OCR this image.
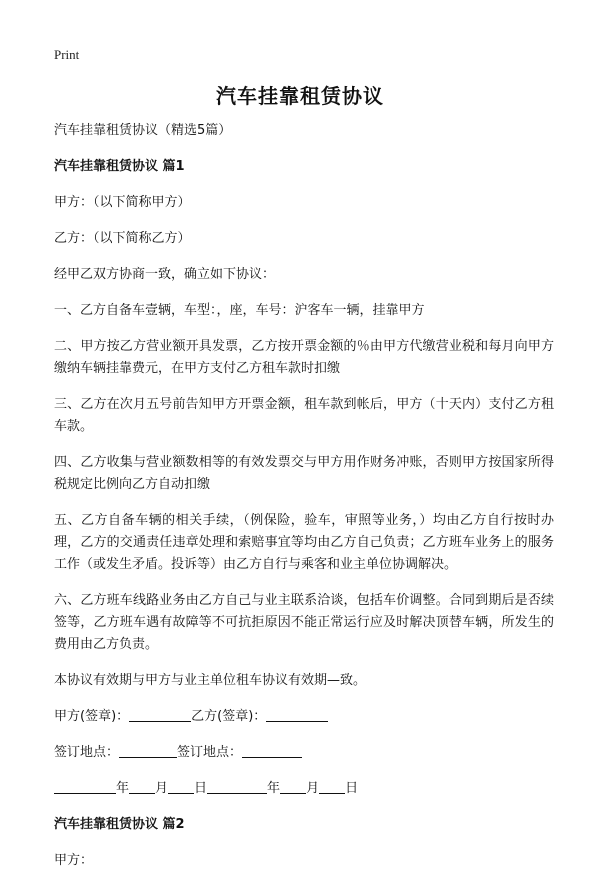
Print
汽车挂靠租赁协议
汽车挂靠租赁协议（精选5篇）
汽车挂靠租赁协议 篇1
甲方：（以下简称甲方）
乙方：（以下简称乙方）
经甲乙双方协商一致，确立如下协议：
一、乙方自备车壹辆，车型：，座，车号：沪客车一辆，挂靠甲方
二、甲方按乙方营业额开具发票，乙方按开票金额的％由甲方代缴营业税和每月向甲方缴纳车辆挂靠费元，在甲方支付乙方租车款时扣缴
三、乙方在次月五号前告知甲方开票金额，租车款到帐后，甲方（十天内）支付乙方租车款。
四、乙方收集与营业额数相等的有效发票交与甲方用作财务冲账，否则甲方按国家所得税规定比例向乙方自动扣缴
五、乙方自备车辆的相关手续，（例保险，验车，审照等业务，）均由乙方自行按时办理，乙方的交通责任违章处理和索赔事宜等均由乙方自己负责；乙方班车业务上的服务工作（或发生矛盾。投诉等）由乙方自行与乘客和业主单位协调解决。
六、乙方班车线路业务由乙方自己与业主联系洽谈，包括车价调整。合同到期后是否续签等，乙方班车遇有故障等不可抗拒原因不能正常运行应及时解决顶替车辆，所发生的费用由乙方负责。
本协议有效期与甲方与业主单位租车协议有效期—致。
甲方(签章)：	乙方(签章)：
签订地点：	签订地点：
年 月 日	年 月 日
汽车挂靠租赁协议 篇2
甲方：
